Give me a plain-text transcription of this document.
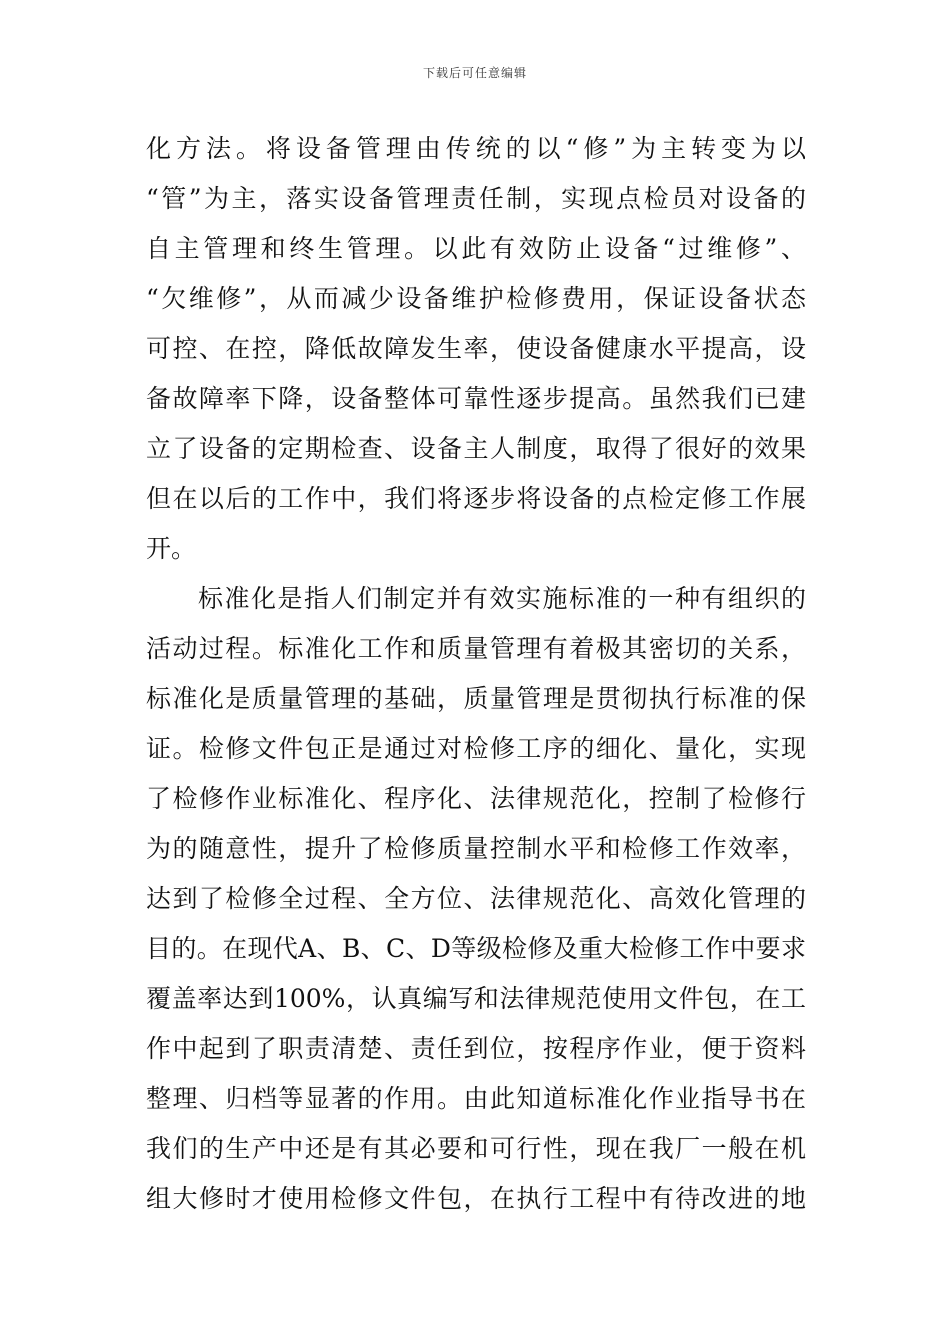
下载后可任意编辑
化方法。将设备管理由传统的以“修”为主转变为以
“管”为主，落实设备管理责任制，实现点检员对设备的
自主管理和终生管理。以此有效防止设备“过维修”、
“欠维修”，从而减少设备维护检修费用，保证设备状态
可控、在控，降低故障发生率，使设备健康水平提高，设
备故障率下降，设备整体可靠性逐步提高。虽然我们已建
立了设备的定期检查、设备主人制度，取得了很好的效果
但在以后的工作中，我们将逐步将设备的点检定修工作展
开。
标准化是指人们制定并有效实施标准的一种有组织的
活动过程。标准化工作和质量管理有着极其密切的关系，
标准化是质量管理的基础，质量管理是贯彻执行标准的保
证。检修文件包正是通过对检修工序的细化、量化，实现
了检修作业标准化、程序化、法律规范化，控制了检修行
为的随意性，提升了检修质量控制水平和检修工作效率，
达到了检修全过程、全方位、法律规范化、高效化管理的
目的。在现代A、B、C、D等级检修及重大检修工作中要求
覆盖率达到100%，认真编写和法律规范使用文件包，在工
作中起到了职责清楚、责任到位，按程序作业，便于资料
整理、归档等显著的作用。由此知道标准化作业指导书在
我们的生产中还是有其必要和可行性，现在我厂一般在机
组大修时才使用检修文件包，在执行工程中有待改进的地
